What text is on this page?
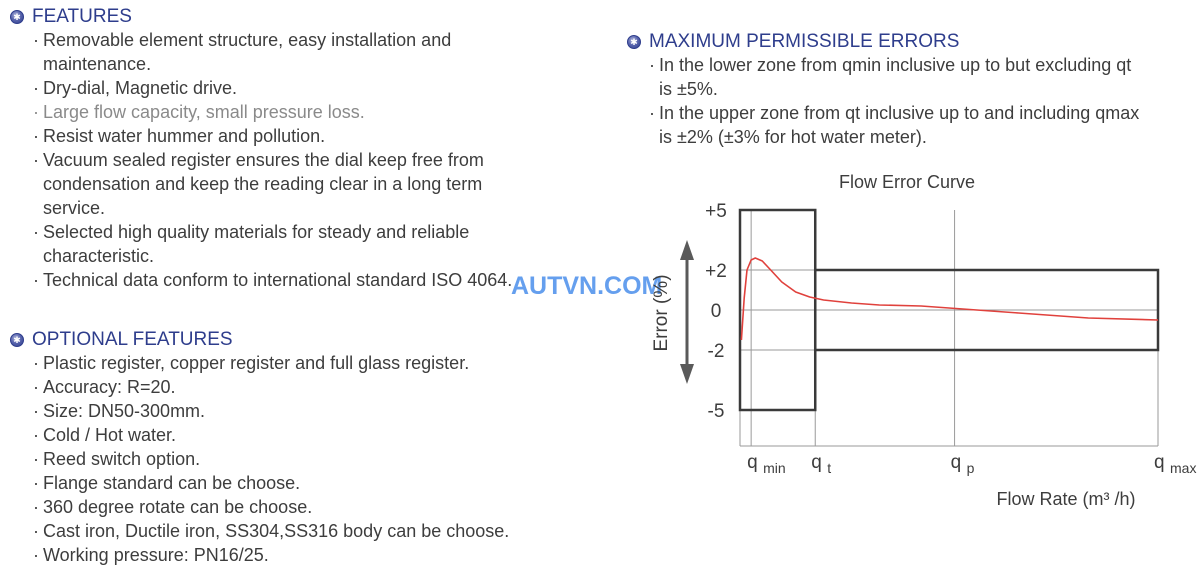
✱ FEATURES
· Removable element structure, easy installation and
maintenance.
· Dry-dial, Magnetic drive.
· Large flow capacity, small pressure loss.
· Resist water hummer and pollution.
· Vacuum sealed register ensures the dial keep free from
condensation and keep the reading clear in a long term
service.
· Selected high quality materials for steady and reliable
characteristic.
· Technical data conform to international standard ISO 4064.
✱ OPTIONAL FEATURES
· Plastic register, copper register and full glass register.
· Accuracy: R=20.
· Size: DN50-300mm.
· Cold / Hot water.
· Reed switch option.
· Flange standard can be choose.
· 360 degree rotate can be choose.
· Cast iron, Ductile iron, SS304,SS316 body can be choose.
· Working pressure: PN16/25.
✱ MAXIMUM PERMISSIBLE ERRORS
· In the lower zone from qmin inclusive up to but excluding qt
is ±5%.
· In the upper zone from qt inclusive up to and including qmax
is ±2% (±3% for hot water meter).
AUTVN.COM
+5
+2
0
-2
-5
q min q t	q p	q max
Error (%)
Flow Error Curve
Flow Rate (m³ /h)
